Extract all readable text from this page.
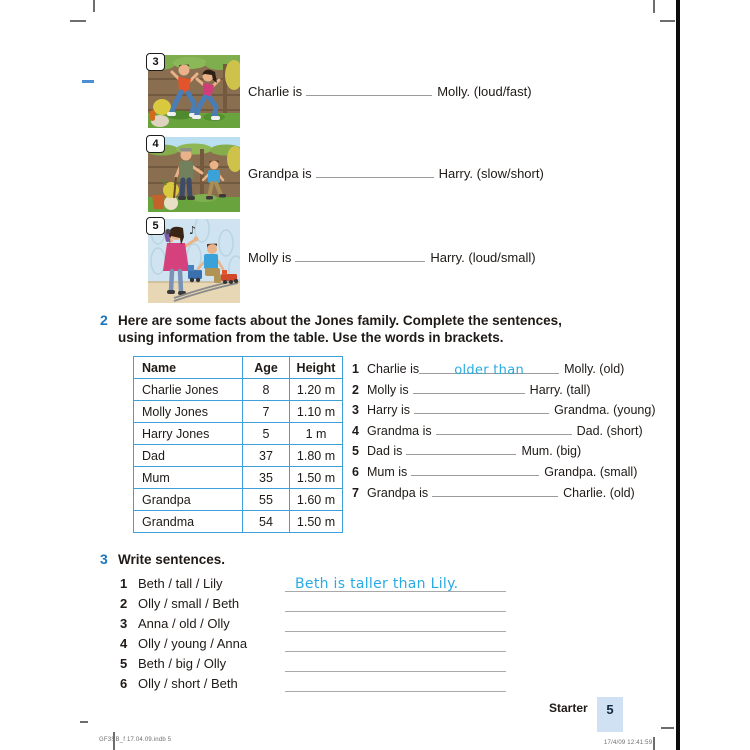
3
Charlie is	Molly. (loud/fast)
4
Grandpa is	Harry. (slow/short)
5	♪
Molly is	Harry. (loud/small)
2 Here are some facts about the Jones family. Complete the sentences, using information from the table. Use the words in brackets.
Name	Age	Height
Charlie Jones	8	1.20 m
Molly Jones	7	1.10 m
Harry Jones	5	1 m
Dad	37	1.80 m
Mum	35	1.50 m
Grandpa	55	1.60 m
Grandma	54	1.50 m
1 Charlie is	older than	Molly. (old)
2 Molly is	Harry. (tall)
3 Harry is	Grandma. (young)
4 Grandma is	Dad. (short)
5 Dad is	Mum. (big)
6 Mum is	Grandpa. (small)
7 Grandpa is	Charlie. (old)
3 Write sentences.
1 Beth / tall / Lily	Beth is taller than Lily.
2 Olly / small / Beth
3 Anna / old / Olly
4 Olly / young / Anna
5 Beth / big / Olly
6 Olly / short / Beth
Starter	5
GF3SB_f 17.04.09.indb 5	17/4/09 12:41:59
